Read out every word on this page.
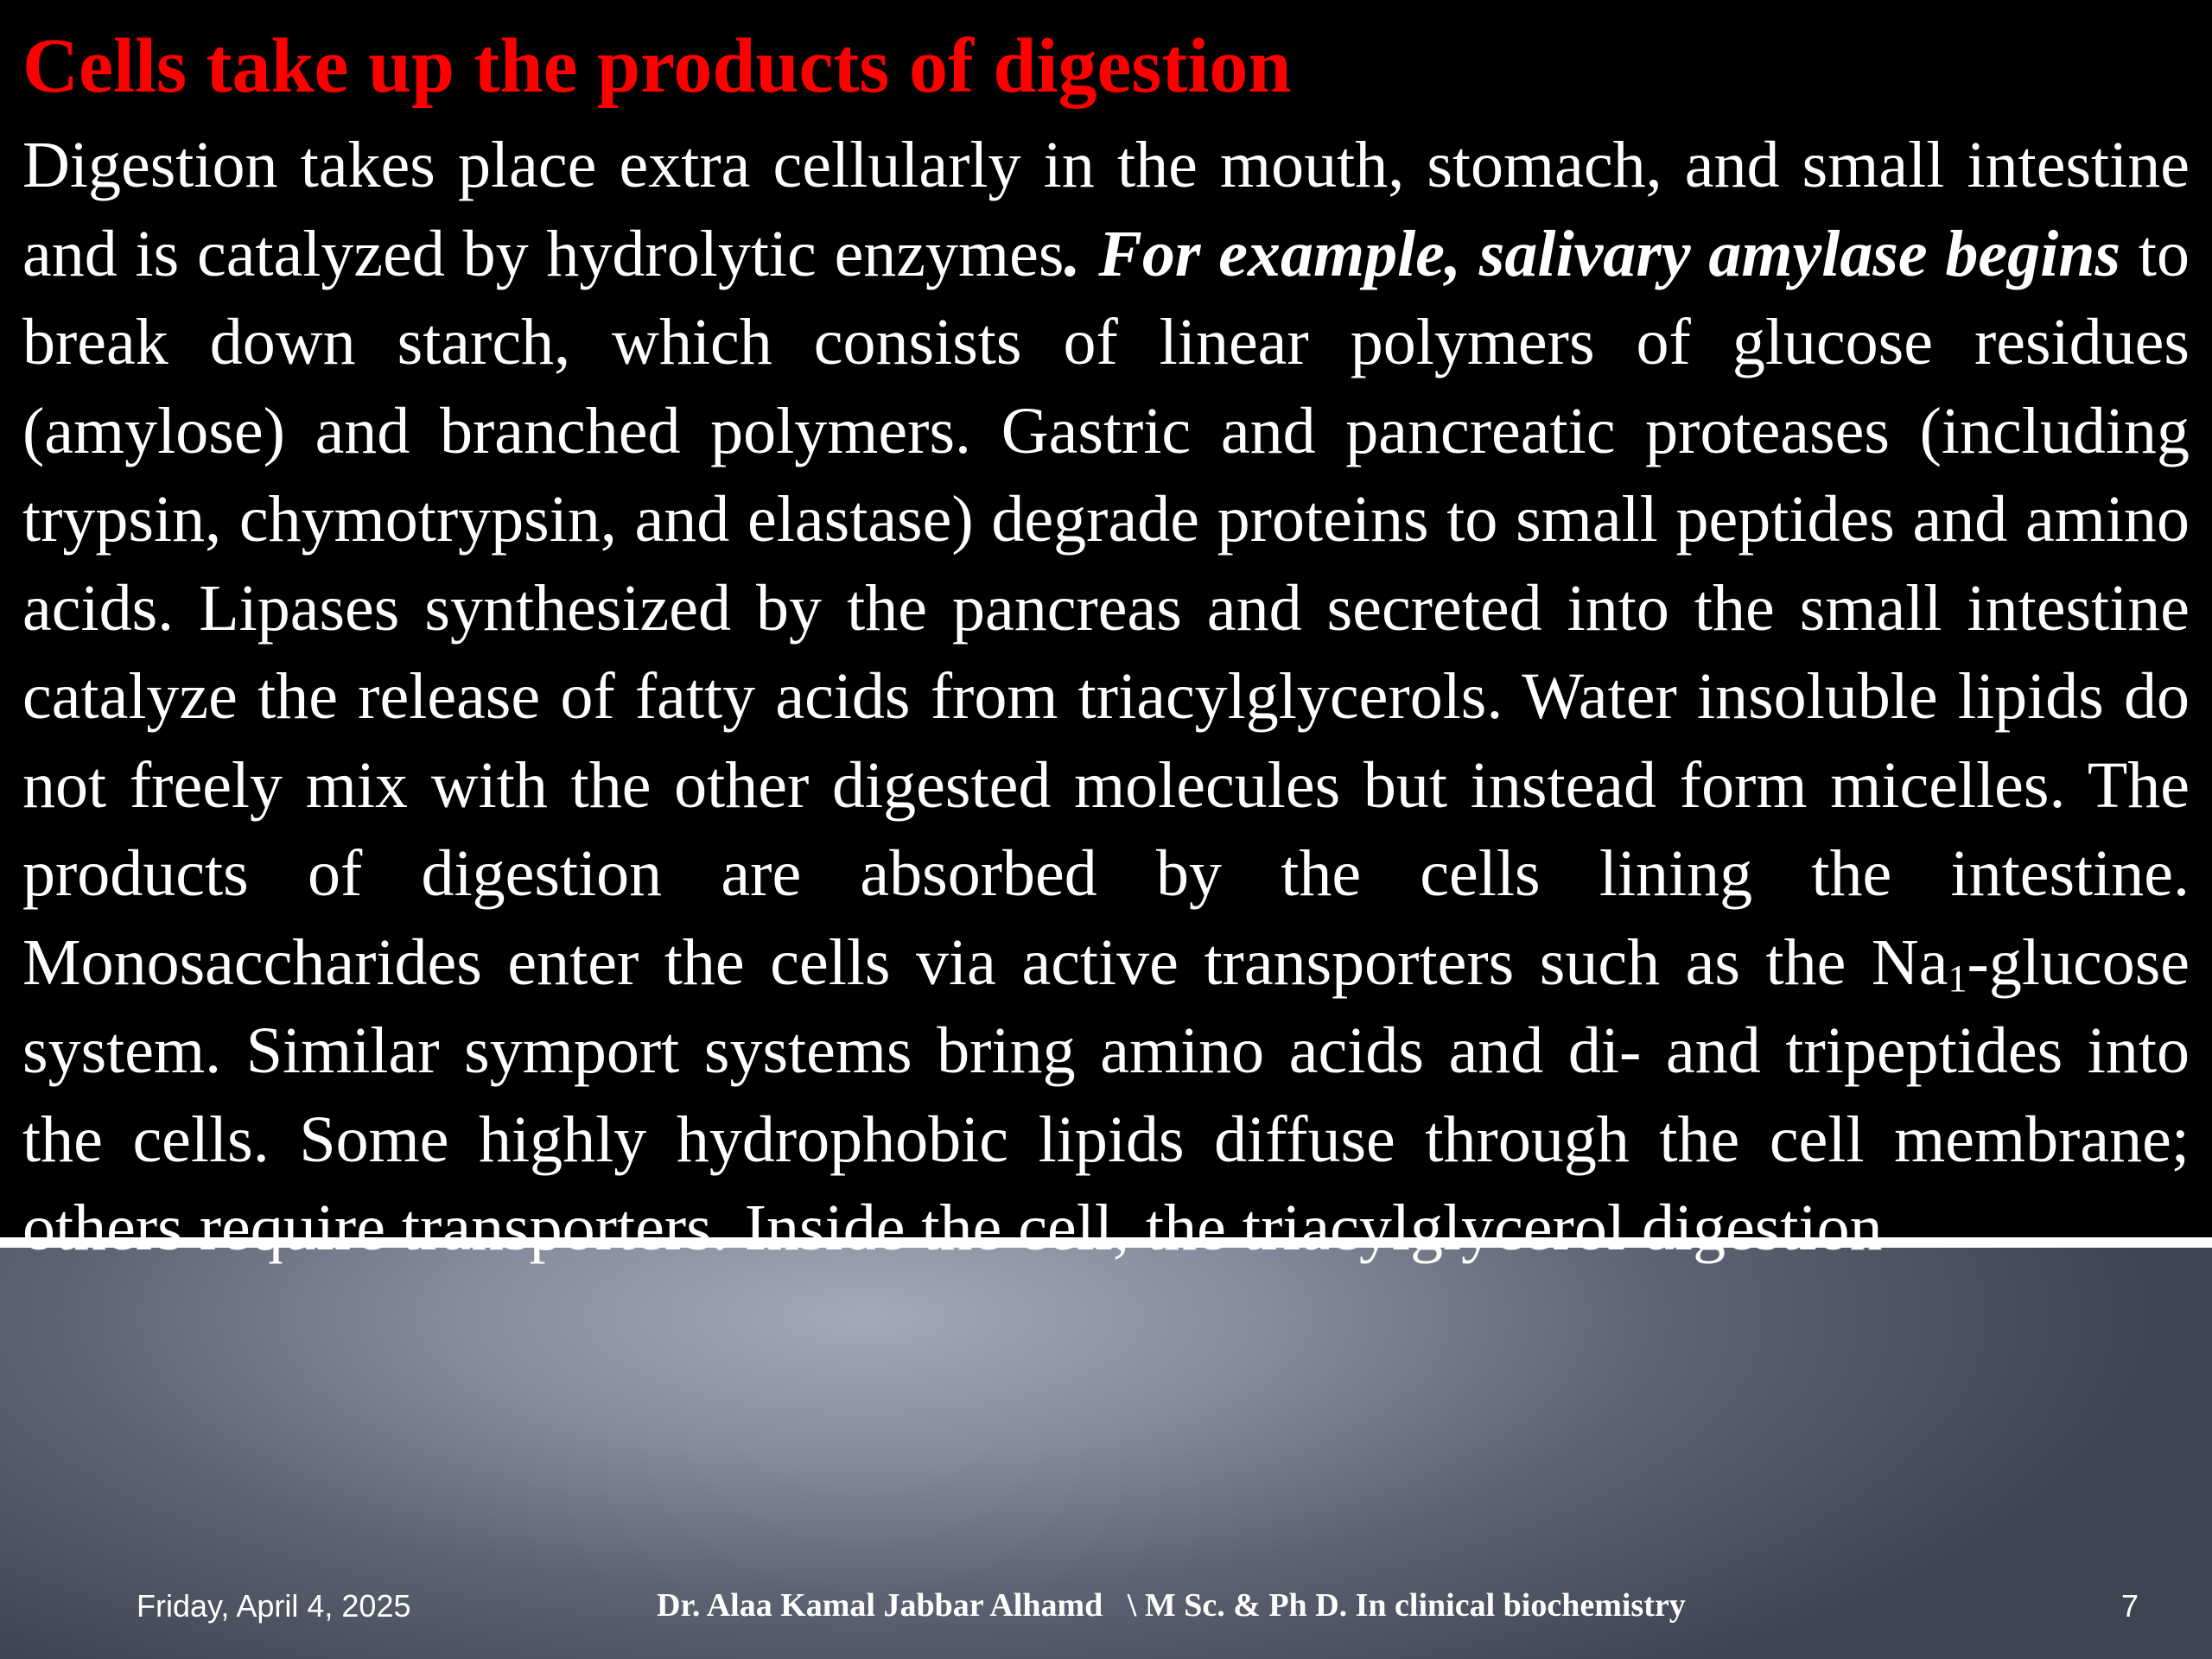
Cells take up the products of digestion

Digestion takes place extra cellularly in the mouth, stomach, and small intestine and is catalyzed by hydrolytic enzymes. For example, salivary amylase begins to break down starch, which consists of linear polymers of glucose residues (amylose) and branched polymers. Gastric and pancreatic proteases (including trypsin, chymotrypsin, and elastase) degrade proteins to small peptides and amino acids. Lipases synthesized by the pancreas and secreted into the small intestine catalyze the release of fatty acids from triacylglycerols. Water insoluble lipids do not freely mix with the other digested molecules but instead form micelles. The products of digestion are absorbed by the cells lining the intestine. Monosaccharides enter the cells via active transporters such as the $Na_1$-glucose system. Similar symport systems bring amino acids and di- and tripeptides into the cells. Some highly hydrophobic lipids diffuse through the cell membrane; others require transporters. Inside the cell, the triacylglycerol digestion

Friday, April 4, 2025	Dr. Alaa Kamal Jabbar Alhamd   \ M Sc. & Ph D. In clinical biochemistry	7
